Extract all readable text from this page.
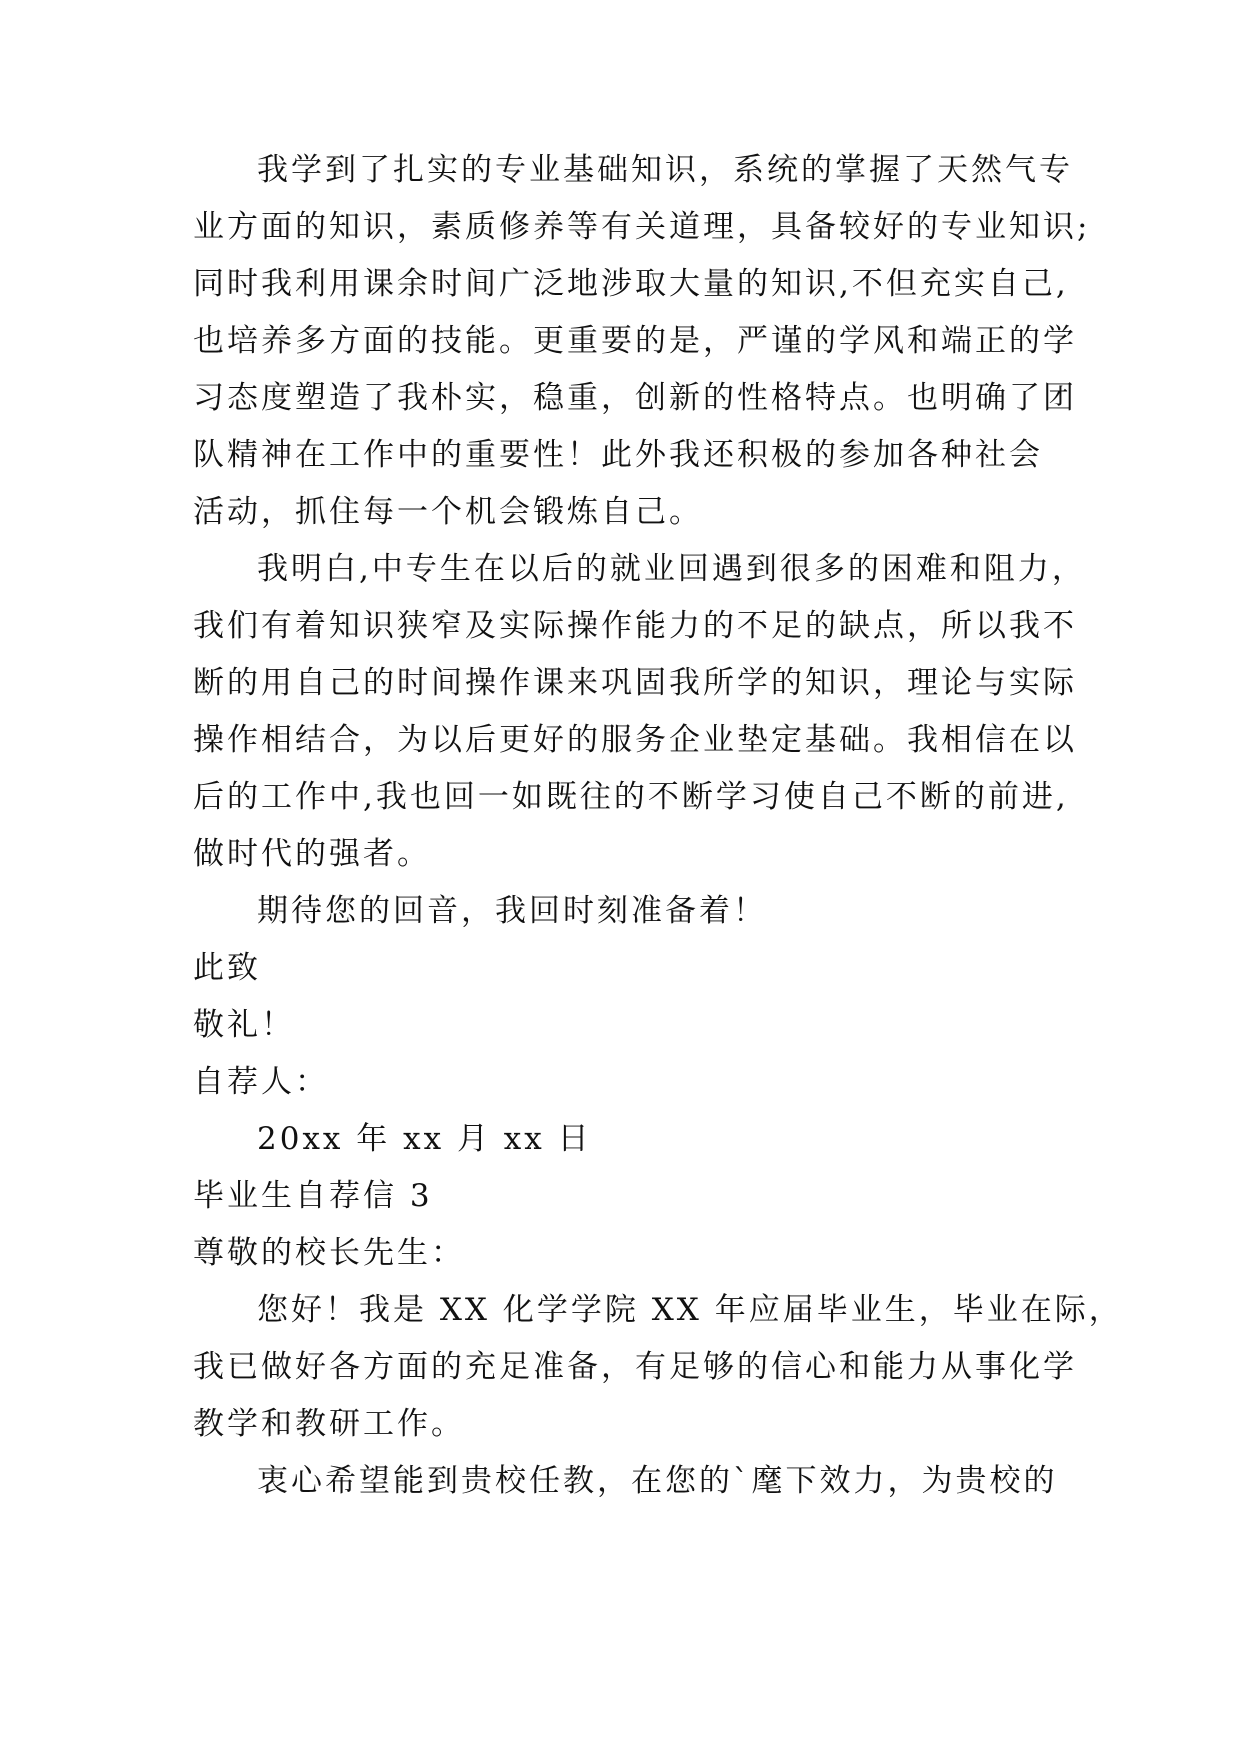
我学到了扎实的专业基础知识，系统的掌握了天然气专
业方面的知识，素质修养等有关道理，具备较好的专业知识;
同时我利用课余时间广泛地涉取大量的知识,不但充实自己,
也培养多方面的技能。更重要的是，严谨的学风和端正的学
习态度塑造了我朴实，稳重，创新的性格特点。也明确了团
队精神在工作中的重要性！此外我还积极的参加各种社会
活动，抓住每一个机会锻炼自己。
我明白,中专生在以后的就业回遇到很多的困难和阻力，
我们有着知识狭窄及实际操作能力的不足的缺点，所以我不
断的用自己的时间操作课来巩固我所学的知识，理论与实际
操作相结合，为以后更好的服务企业垫定基础。我相信在以
后的工作中,我也回一如既往的不断学习使自己不断的前进,
做时代的强者。
期待您的回音，我回时刻准备着！
此致
敬礼！
自荐人：
20xx 年 xx 月 xx 日
毕业生自荐信 3
尊敬的校长先生：
您好！我是 XX 化学学院 XX 年应届毕业生，毕业在际，
我已做好各方面的充足准备，有足够的信心和能力从事化学
教学和教研工作。
衷心希望能到贵校任教，在您的`麾下效力，为贵校的
